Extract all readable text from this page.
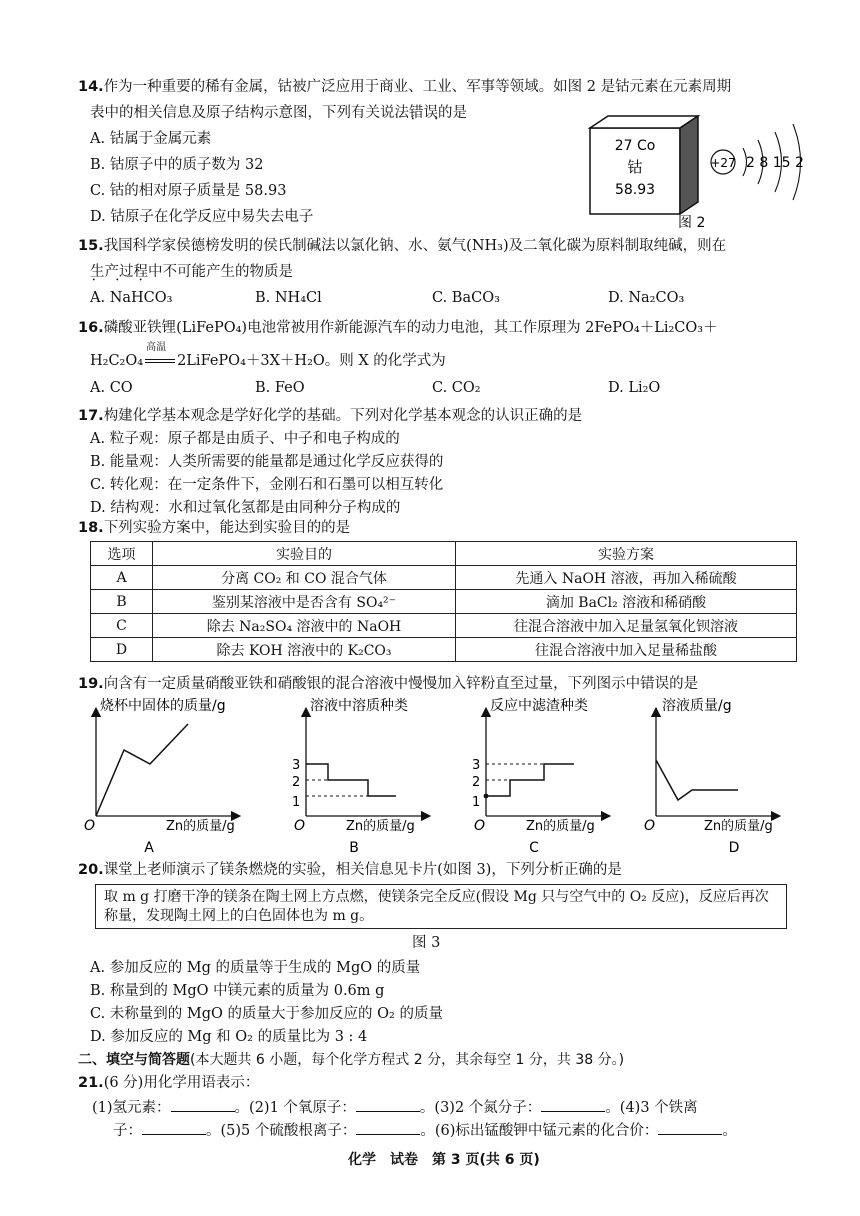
14.作为一种重要的稀有金属，钴被广泛应用于商业、工业、军事等领域。如图 2 是钴元素在元素周期
表中的相关信息及原子结构示意图，下列有关说法错误 • •的是
A. 钴属于金属元素
B. 钴原子中的质子数为 32
C. 钴的相对原子质量是 58.93
D. 钴原子在化学反应中易失去电子
27 Co
钴
58.93
+27 2 8 15 2
图 2
15.我国科学家侯德榜发明的侯氏制碱法以氯化钠、水、氨气(NH₃)及二氧化碳为原料制取纯碱，则在
生产过程中不可能 • • •产生的物质是
A. NaHCO₃	B. NH₄Cl	C. BaCO₃	D. Na₂CO₃
16.磷酸亚铁锂(LiFePO₄)电池常被用作新能源汽车的动力电池，其工作原理为 2FePO₄＋Li₂CO₃＋
H₂C₂O₄
高温
2LiFePO₄＋3X＋H₂O。则 X 的化学式为
A. CO	B. FeO	C. CO₂	D. Li₂O
17.构建化学基本观念是学好化学的基础。下列对化学基本观念的认识正确的是
A. 粒子观：原子都是由质子、中子和电子构成的
B. 能量观：人类所需要的能量都是通过化学反应获得的
C. 转化观：在一定条件下，金刚石和石墨可以相互转化
D. 结构观：水和过氧化氢都是由同种分子构成的
18.下列实验方案中，能达到实验目的的是
选项	实验目的	实验方案
A	分离 CO₂ 和 CO 混合气体	先通入 NaOH 溶液，再加入稀硫酸
B	鉴别某溶液中是否含有 SO₄²⁻	滴加 BaCl₂ 溶液和稀硝酸
C	除去 Na₂SO₄ 溶液中的 NaOH	往混合溶液中加入足量氢氧化钡溶液
D	除去 KOH 溶液中的 K₂CO₃	往混合溶液中加入足量稀盐酸
19.向含有一定质量硝酸亚铁和硝酸银的混合溶液中慢慢加入锌粉直至过量，下列图示中错误的是
烧杯中固体的质量/g
O	Zn的质量/g
A
溶液中溶质种类
O	Zn的质量/g
3
2
1
B
反应中滤渣种类
O	Zn的质量/g
3
2
1
C
溶液质量/g
O	Zn的质量/g
D
20.课堂上老师演示了镁条燃烧的实验，相关信息见卡片(如图 3)，下列分析正确的是
取 m g 打磨干净的镁条在陶土网上方点燃，使镁条完全反应(假设 Mg 只与空气中的 O₂ 反应)，反应后再次称量，发现陶土网上的白色固体也为 m g。
图 3
A. 参加反应的 Mg 的质量等于生成的 MgO 的质量
B. 称量到的 MgO 中镁元素的质量为 0.6m g
C. 未称量到的 MgO 的质量大于参加反应的 O₂ 的质量
D. 参加反应的 Mg 和 O₂ 的质量比为 3 : 4
二、填空与简答题(本大题共 6 小题，每个化学方程式 2 分，其余每空 1 分，共 38 分。)
21.(6 分)用化学用语表示：
(1)氢元素：	。(2)1 个氧原子：	。(3)2 个氮分子：	。(4)3 个铁离
子：	。(5)5 个硫酸根离子：	。(6)标出锰酸钾中锰元素的化合价：	。
化学　试卷　第 3 页(共 6 页)
